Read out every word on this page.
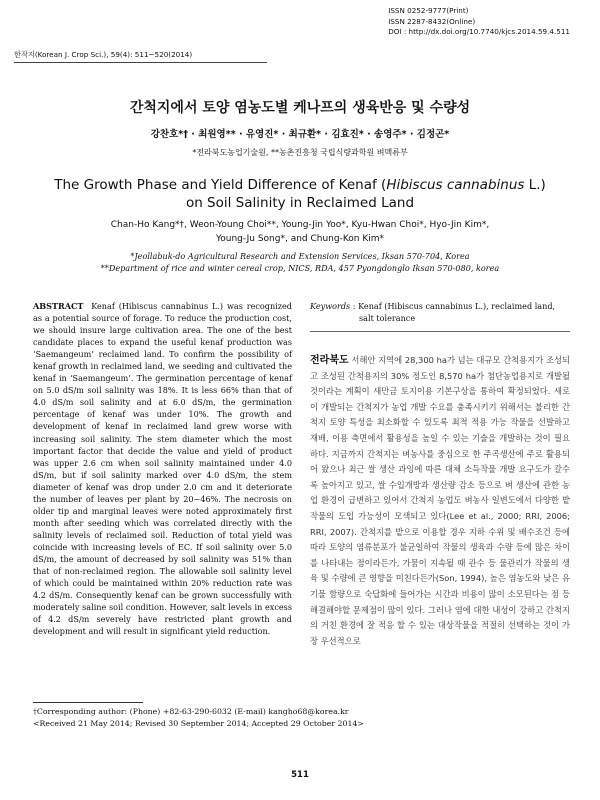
한작지(Korean J. Crop Sci.), 59(4): 511~520(2014)
ISSN 0252-9777(Print)
ISSN 2287-8432(Online)
DOI : http://dx.doi.org/10.7740/kjcs.2014.59.4.511
간척지에서 토양 염농도별 케나프의 생육반응 및 수량성
강찬호*† · 최원영** · 유영진* · 최규환* · 김효진* · 송영주* · 김정곤*
*전라북도농업기술원, **농촌진흥청 국립식량과학원 벼맥류부
The Growth Phase and Yield Difference of Kenaf (Hibiscus cannabinus L.)
on Soil Salinity in Reclaimed Land
Chan-Ho Kang*†, Weon-Young Choi**, Young-Jin Yoo*, Kyu-Hwan Choi*, Hyo-Jin Kim*,
Young-Ju Song*, and Chung-Kon Kim*
*Jeollabuk-do Agricultural Research and Extension Services, Iksan 570-704, Korea
**Department of rice and winter cereal crop, NICS, RDA, 457 Pyongdonglo Iksan 570-080, korea
ABSTRACT Kenaf (Hibiscus cannabinus L.) was recognized as a potential source of forage. To reduce the production cost, we should insure large cultivation area. The one of the best candidate places to expand the useful kenaf production was ‘Saemangeum’ reclaimed land. To confirm the possibility of kenaf growth in reclaimed land, we seeding and cultivated the kenaf in ‘Saemangeum’. The germination percentage of kenaf on 5.0 dS/m soil salinity was 18%. It is less 66% than that of 4.0 dS/m soil salinity and at 6.0 dS/m, the germination percentage of kenaf was under 10%. The growth and development of kenaf in reclaimed land grew worse with increasing soil salinity. The stem diameter which the most important factor that decide the value and yield of product was upper 2.6 cm when soil salinity maintained under 4.0 dS/m, but if soil salinity marked over 4.0 dS/m, the stem diameter of kenaf was drop under 2.0 cm and it deteriorate the number of leaves per plant by 20~46%. The necrosis on older tip and marginal leaves were noted approximately first month after seeding which was correlated directly with the salinity levels of reclaimed soil. Reduction of total yield was coincide with increasing levels of EC. If soil salinity over 5.0 dS/m, the amount of decreased by soil salinity was 51% than that of non-reclaimed region. The allowable soil salinity level of which could be maintained within 20% reduction rate was 4.2 dS/m. Consequently kenaf can be grown successfully with moderately saline soil condition. However, salt levels in excess of 4.2 dS/m severely have restricted plant growth and development and will result in significant yield reduction.
Keywords : Kenaf (Hibiscus cannabinus L.), reclaimed land,
salt tolerance
전라북도 서해안 지역에 28,300 ha가 넘는 대규모 간척용지가 조성되고 조성된 간척용지의 30% 정도인 8,570 ha가 첨단농업용지로 개발될 것이라는 계획이 새만금 토지이용 기본구상을 통하여 확정되었다. 새로이 개발되는 간척지가 농업 개발 수요를 충족시키기 위해서는 불리한 간척지 토양 특성을 최소화할 수 있도록 최적 적용 가능 작물을 선발하고 재배, 이용 측면에서 활용성을 높일 수 있는 기술을 개발하는 것이 필요하다. 지금까지 간척지는 벼농사를 중심으로 한 주곡생산에 주로 활용되어 왔으나 최근 쌀 생산 과잉에 따른 대체 소득작물 개발 요구도가 갈수록 높아지고 있고, 쌀 수입개방과 생산량 감소 등으로 벼 생산에 관한 농업 환경이 급변하고 있어서 간척지 농업도 벼농사 일변도에서 다양한 밭작물의 도입 가능성이 모색되고 있다(Lee et al., 2000; RRI, 2006; RRI, 2007). 간척지를 밭으로 이용할 경우 지하 수위 및 배수조건 등에 따라 토양의 염류분포가 불균일하여 작물의 생육과 수량 등에 많은 차이를 나타내는 점이라든가, 가뭄이 지속될 때 관수 등 물관리가 작물의 생육 및 수량에 큰 영향을 미친다든가(Son, 1994), 높은 염농도와 낮은 유기물 함량으로 숙답화에 들어가는 시간과 비용이 많이 소모된다는 점 등 해결해야할 문제점이 많이 있다. 그러나 염에 대한 내성이 강하고 간척지의 거친 환경에 잘 적응 할 수 있는 대상작물을 적절히 선택하는 것이 가장 우선적으로
†Corresponding author: (Phone) +82-63-290-6032 (E-mail) kangho68@korea.kr
<Received 21 May 2014; Revised 30 September 2014; Accepted 29 October 2014>
511
